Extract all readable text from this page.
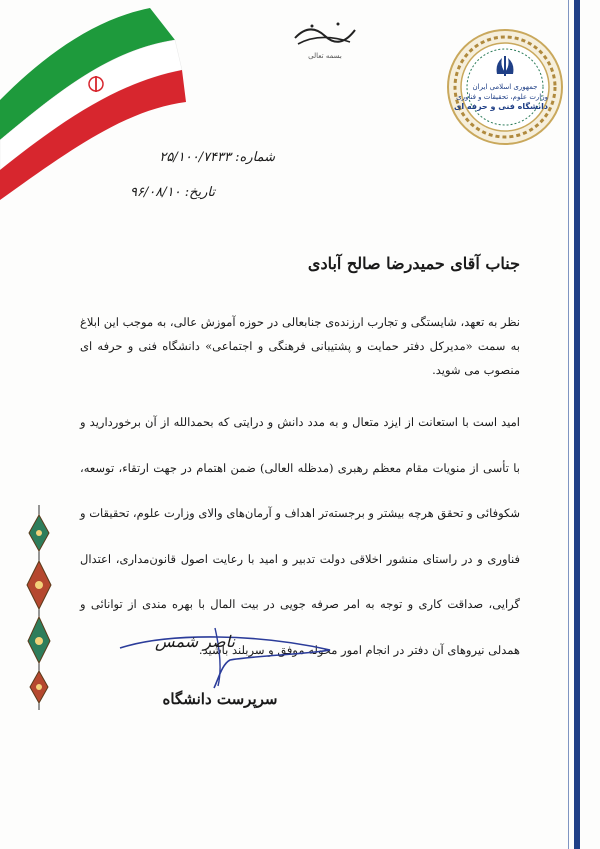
بسمه تعالی
جمهوری اسلامی ایران
وزارت علوم، تحقیقات و فناوری
دانشگاه فنی و حرفه ای
شماره: ۲۵/۱۰۰/۷۴۳۳
تاریخ: ۹۶/۰۸/۱۰
جناب آقای حمیدرضا صالح آبادی

نظر به تعهد، شایستگی و تجارب ارزنده‌ی جنابعالی در حوزه آموزش عالی، به موجب این ابلاغ به سمت «مدیرکل دفتر حمایت و پشتیبانی فرهنگی و اجتماعی» دانشگاه فنی و حرفه ای منصوب می شوید.

امید است با استعانت از ایزد متعال و به مدد دانش و درایتی که بحمدالله از آن برخوردارید و با تأسی از منویات مقام معظم رهبری (مدظله العالی) ضمن اهتمام در جهت ارتقاء، توسعه، شکوفائی و تحقق هرچه بیشتر و برجسته‌تر اهداف و آرمان‌های والای وزارت علوم، تحقیقات و فناوری و در راستای منشور اخلاقی دولت تدبیر و امید با رعایت اصول قانون‌مداری، اعتدال گرایی، صداقت کاری و توجه به امر صرفه جویی در بیت المال با بهره مندی از توانائی و همدلی نیروهای آن دفتر در انجام امور محوله موفق و سربلند باشید.

ناصر شمس
سرپرست دانشگاه
